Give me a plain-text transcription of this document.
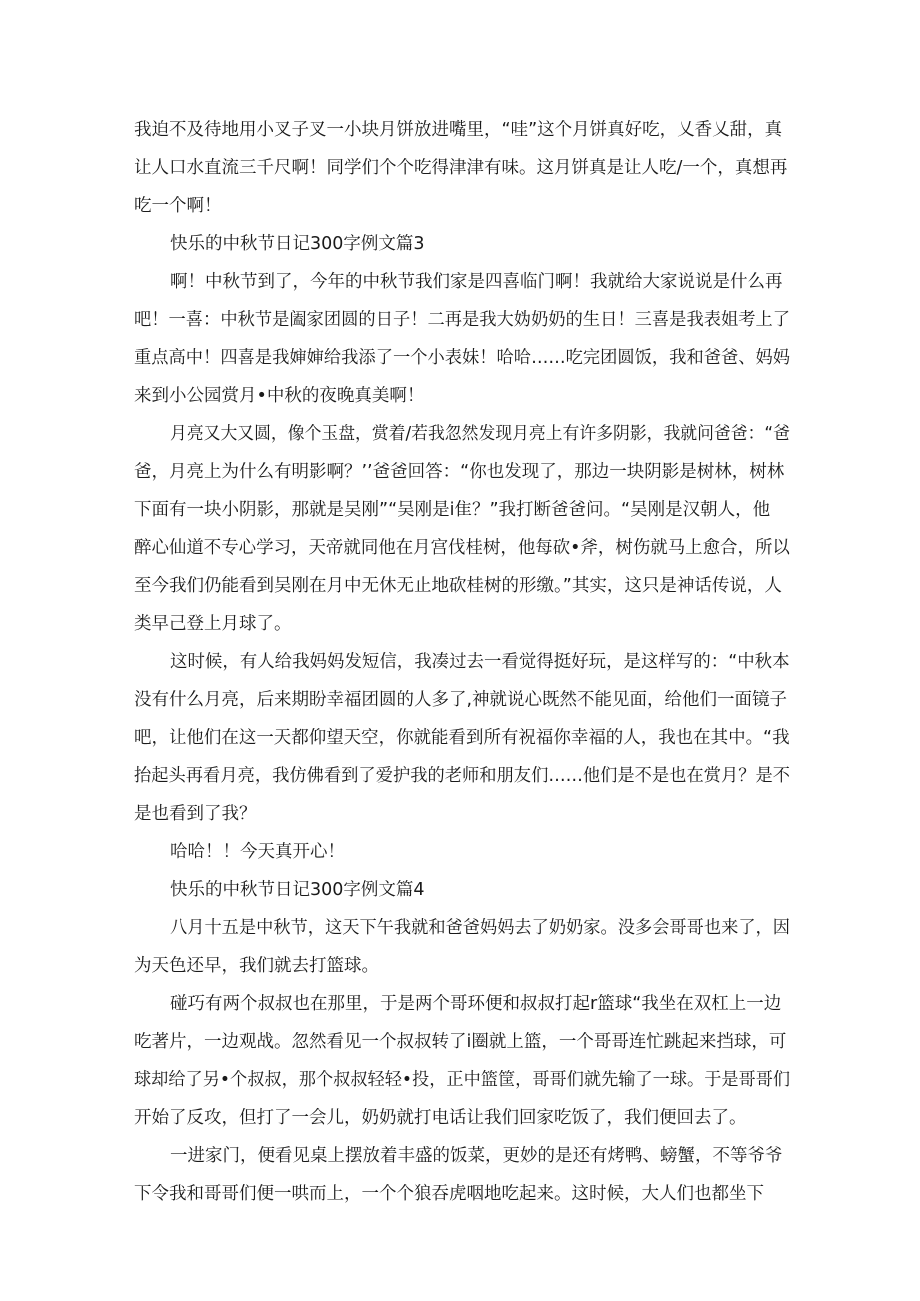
我迫不及待地用小叉子叉一小块月饼放进嘴里，“哇”这个月饼真好吃，乂香乂甜，真
让人口水直流三千尺啊！同学们个个吃得津津有味。这月饼真是让人吃/一个，真想再
吃一个啊！
快乐的中秋节日记300字例文篇3
啊！中秋节到了，今年的中秋节我们家是四喜临门啊！我就给大家说说是什么再
吧！一喜：中秋节是阖家团圆的日子！二再是我大妫奶奶的生日！三喜是我表姐考上了
重点高中！四喜是我婶婶给我添了一个小表妹！哈哈……吃完团圆饭，我和爸爸、妈妈
来到小公园赏月•中秋的夜晚真美啊！
月亮又大又圆，像个玉盘，赏着/若我忽然发现月亮上有许多阴影，我就问爸爸：“爸
爸，月亮上为什么有明影啊？’’爸爸回答：“你也发现了，那边一块阴影是树林，树林
下面有一块小阴影，那就是吴刚”“吴刚是i隹？”我打断爸爸问。“吴刚是汉朝人，他
醉心仙道不专心学习，天帝就同他在月宫伐桂树，他每砍•斧，树伤就马上愈合，所以
至今我们仍能看到吴刚在月中无休无止地砍桂树的形缴。”其实，这只是神话传说，人
类早己登上月球了。
这时候，有人给我妈妈发短信，我凑过去一看觉得挺好玩，是这样写的：“中秋本
没有什么月亮，后来期盼幸福团圆的人多了,神就说心既然不能见面，给他们一面镜子
吧，让他们在这一天都仰望天空，你就能看到所有祝福你幸福的人，我也在其中。“我
抬起头再看月亮，我仿佛看到了爱护我的老师和朋友们……他们是不是也在赏月？是不
是也看到了我？
哈哈！！今天真开心！
快乐的中秋节日记300字例文篇4
八月十五是中秋节，这天下午我就和爸爸妈妈去了奶奶家。没多会哥哥也来了，因
为天色还早，我们就去打篮球。
碰巧有两个叔叔也在那里，于是两个哥环便和叔叔打起r篮球“我坐在双杠上一边
吃著片，一边观战。忽然看见一个叔叔转了i圈就上篮，一个哥哥连忙跳起来挡球，可
球却给了另•个叔叔，那个叔叔轻轻•投，正中篮筐，哥哥们就先输了一球。于是哥哥们
开始了反攻，但打了一会儿，奶奶就打电话让我们回家吃饭了，我们便回去了。
一进家门，便看见桌上摆放着丰盛的饭菜，更妙的是还有烤鸭、螃蟹，不等爷爷
下令我和哥哥们便一哄而上，一个个狼吞虎咽地吃起来。这时候，大人们也都坐下
